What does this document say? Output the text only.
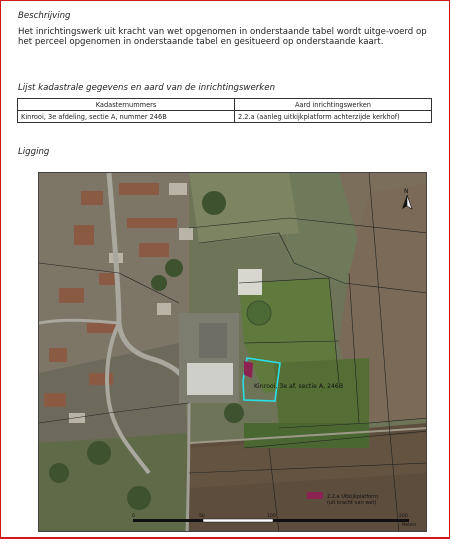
Beschrijving
Het inrichtingswerk uit kracht van wet opgenomen in onderstaande tabel wordt uitge-voerd op het perceel opgenomen in onderstaande tabel en gesitueerd op onderstaande kaart.
Lijst kadastrale gegevens en aard van de inrichtingswerken
Kadasternummers	Aard inrichtingswerken
Kinrooi, 3e afdeling, sectie A, nummer 246B	2.2.a (aanleg uitkijkplatform achterzijde kerkhof)
Ligging
N
Kinrooi, 3e af. sectie A, 246B
2.2.a Uitkijkplatform
(uit kracht van wet)
0	50	100	200
Meters
